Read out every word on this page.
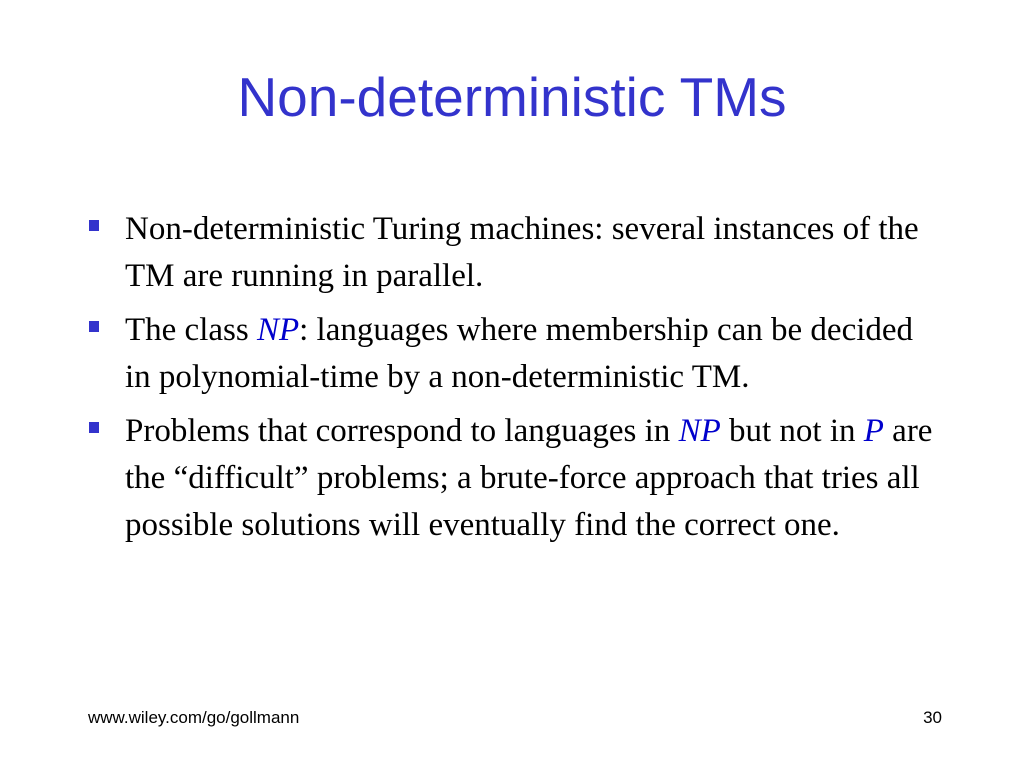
Non-deterministic TMs
Non-deterministic Turing machines: several instances of the TM are running in parallel.
The class NP: languages where membership can be decided in polynomial-time by a non-deterministic TM.
Problems that correspond to languages in NP but not in P are the “difficult” problems; a brute-force approach that tries all possible solutions will eventually find the correct one.
www.wiley.com/go/gollmann	30
